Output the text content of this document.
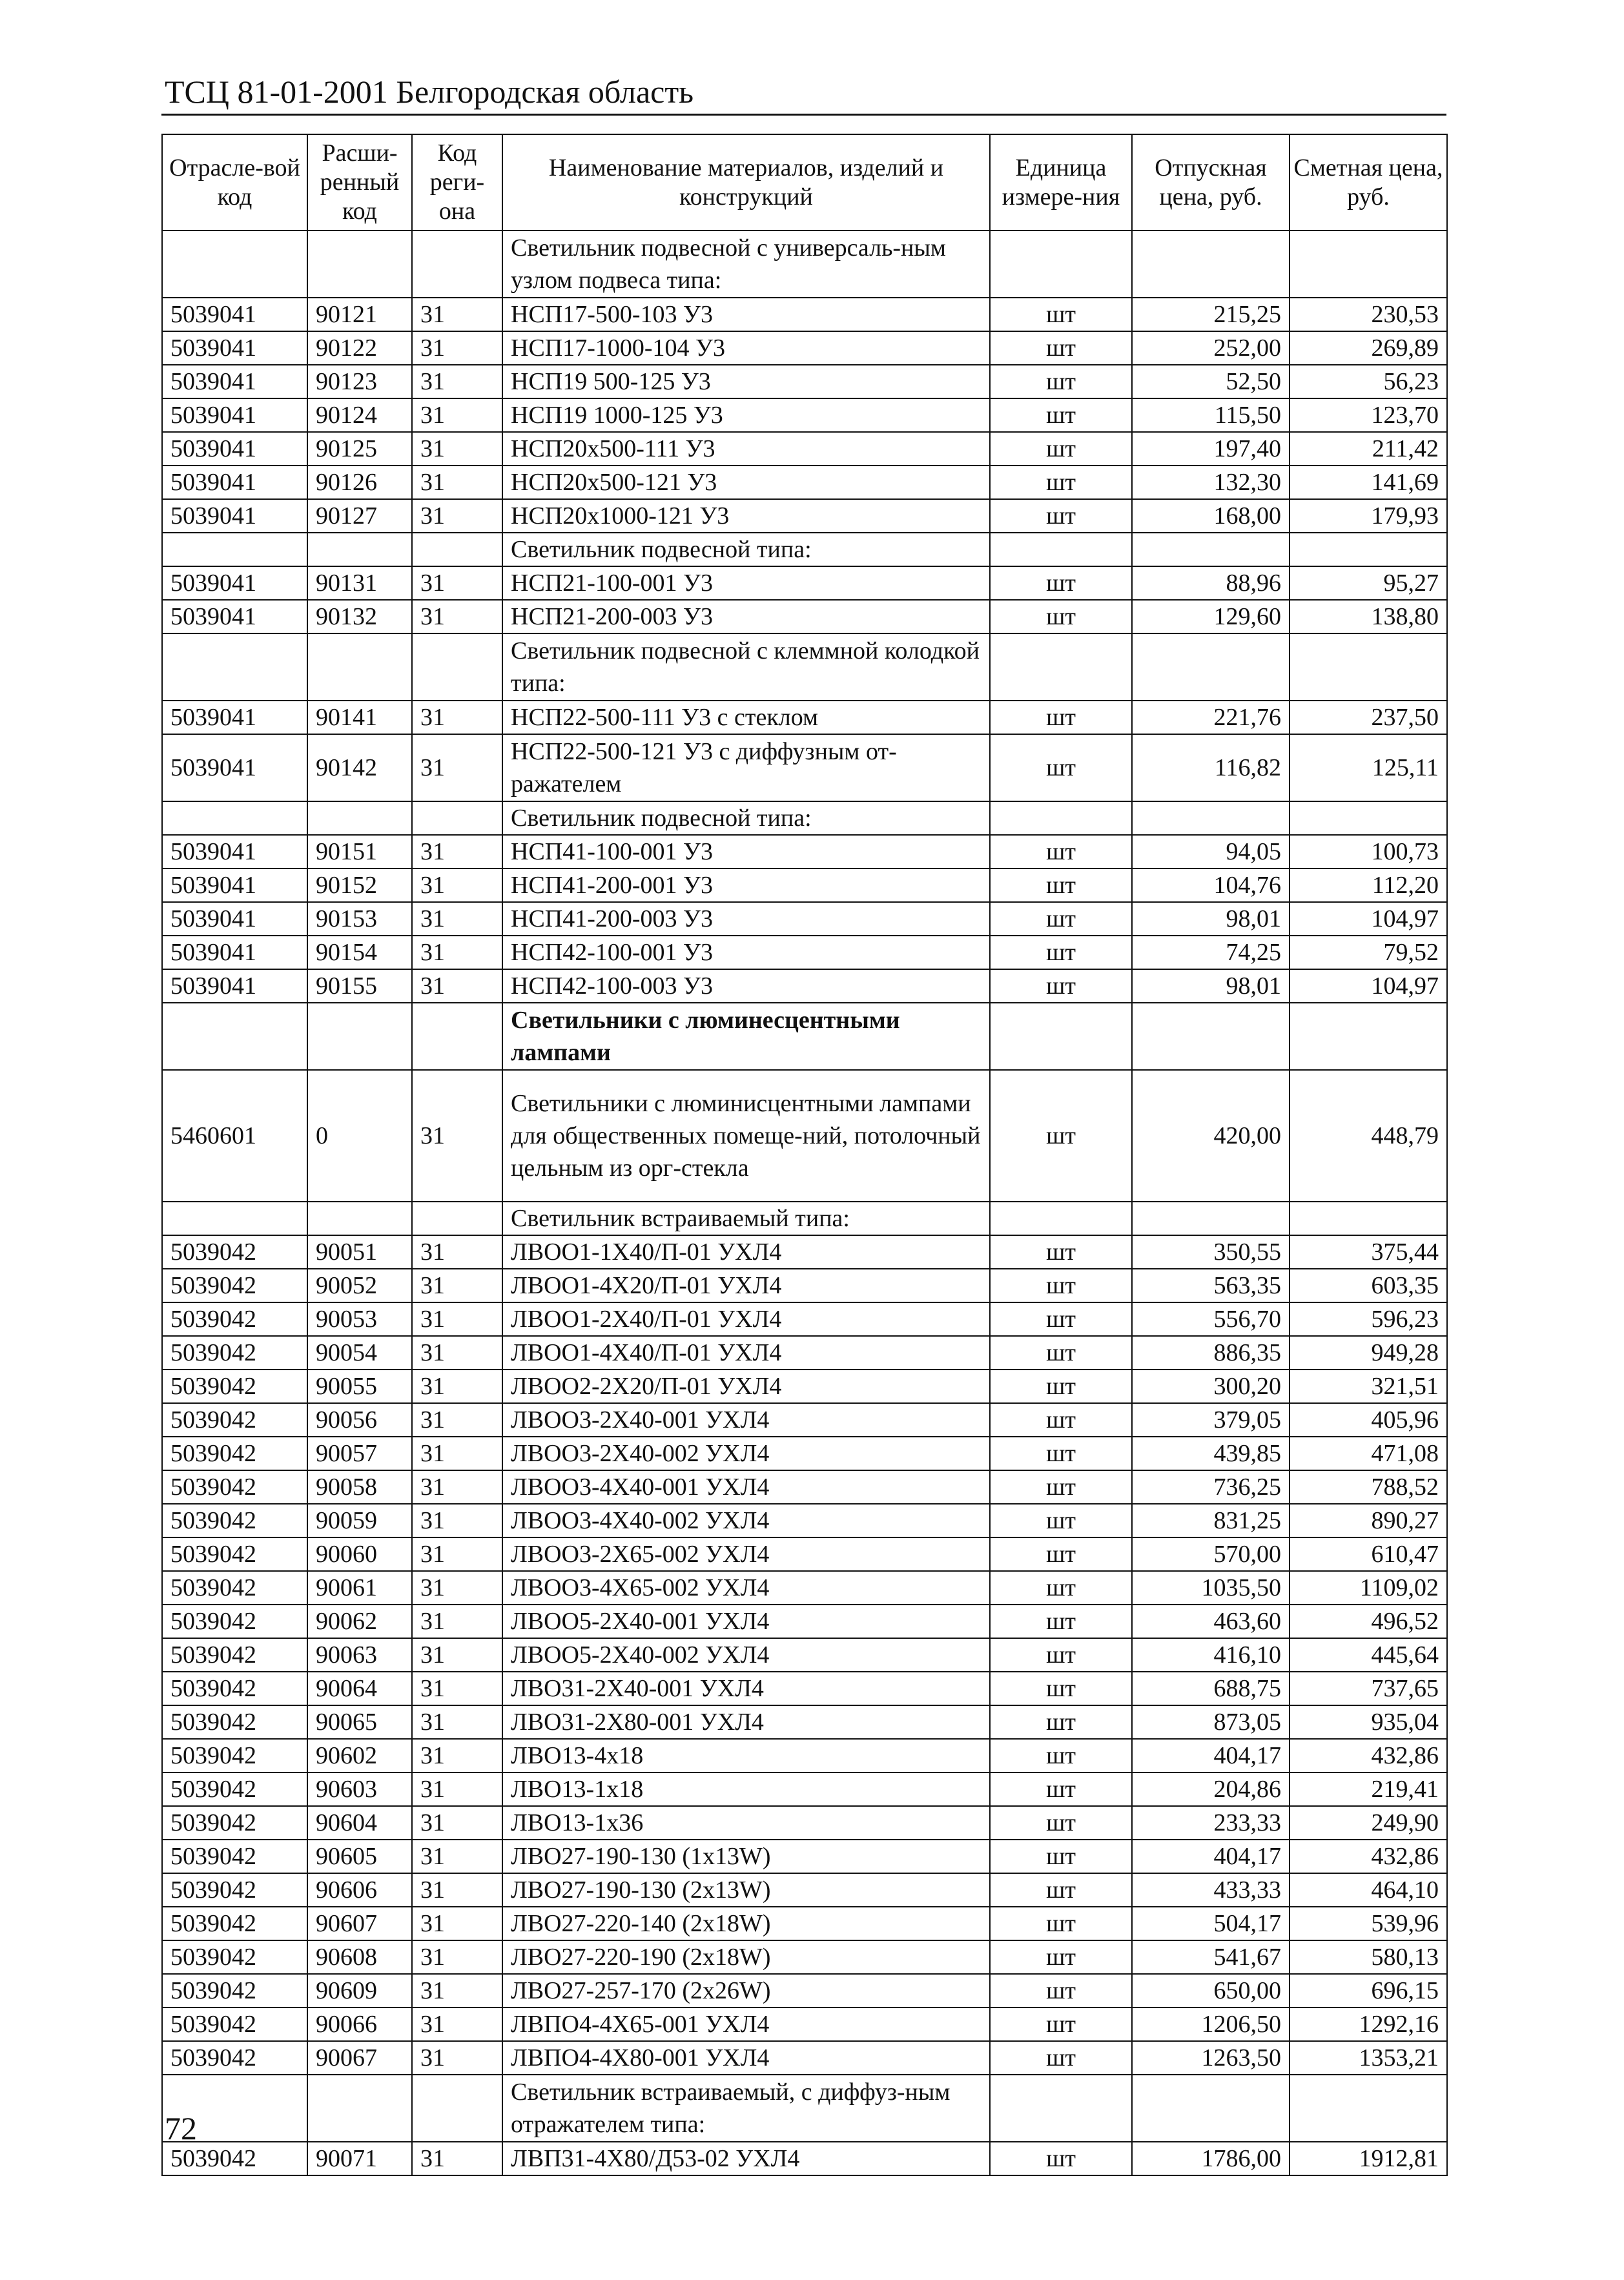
ТСЦ 81-01-2001 Белгородская область
Отрасле-вой код	Расши-ренный код	Код реги-она	Наименование материалов, изделий и конструкций	Единица измере-ния	Отпускная цена, руб.	Сметная цена, руб.
			Светильник подвесной с универсаль-ным узлом подвеса типа:			
5039041	90121	31	НСП17-500-103 У3	шт	215,25	230,53
5039041	90122	31	НСП17-1000-104 У3	шт	252,00	269,89
5039041	90123	31	НСП19 500-125 У3	шт	52,50	56,23
5039041	90124	31	НСП19 1000-125 У3	шт	115,50	123,70
5039041	90125	31	НСП20х500-111 У3	шт	197,40	211,42
5039041	90126	31	НСП20х500-121 У3	шт	132,30	141,69
5039041	90127	31	НСП20х1000-121 У3	шт	168,00	179,93
			Светильник подвесной типа:			
5039041	90131	31	НСП21-100-001 У3	шт	88,96	95,27
5039041	90132	31	НСП21-200-003 У3	шт	129,60	138,80
			Светильник подвесной с клеммной колодкой типа:			
5039041	90141	31	НСП22-500-111 У3 с стеклом	шт	221,76	237,50
5039041	90142	31	НСП22-500-121 У3 с диффузным от-ражателем	шт	116,82	125,11
			Светильник подвесной типа:			
5039041	90151	31	НСП41-100-001 У3	шт	94,05	100,73
5039041	90152	31	НСП41-200-001 У3	шт	104,76	112,20
5039041	90153	31	НСП41-200-003 У3	шт	98,01	104,97
5039041	90154	31	НСП42-100-001 У3	шт	74,25	79,52
5039041	90155	31	НСП42-100-003 У3	шт	98,01	104,97
			Светильники с люминесцентными лампами			
5460601	0	31	Светильники с люминисцентными лампами для общественных помеще-ний, потолочный цельным из орг-стекла	шт	420,00	448,79
			Светильник встраиваемый типа:			
5039042	90051	31	ЛВОО1-1Х40/П-01 УХЛ4	шт	350,55	375,44
5039042	90052	31	ЛВОО1-4Х20/П-01 УХЛ4	шт	563,35	603,35
5039042	90053	31	ЛВОО1-2Х40/П-01 УХЛ4	шт	556,70	596,23
5039042	90054	31	ЛВОО1-4Х40/П-01 УХЛ4	шт	886,35	949,28
5039042	90055	31	ЛВОО2-2Х20/П-01 УХЛ4	шт	300,20	321,51
5039042	90056	31	ЛВОО3-2Х40-001 УХЛ4	шт	379,05	405,96
5039042	90057	31	ЛВОО3-2Х40-002 УХЛ4	шт	439,85	471,08
5039042	90058	31	ЛВОО3-4Х40-001 УХЛ4	шт	736,25	788,52
5039042	90059	31	ЛВОО3-4Х40-002 УХЛ4	шт	831,25	890,27
5039042	90060	31	ЛВОО3-2Х65-002 УХЛ4	шт	570,00	610,47
5039042	90061	31	ЛВОО3-4Х65-002 УХЛ4	шт	1035,50	1109,02
5039042	90062	31	ЛВОО5-2Х40-001 УХЛ4	шт	463,60	496,52
5039042	90063	31	ЛВОО5-2Х40-002 УХЛ4	шт	416,10	445,64
5039042	90064	31	ЛВО31-2Х40-001 УХЛ4	шт	688,75	737,65
5039042	90065	31	ЛВО31-2Х80-001 УХЛ4	шт	873,05	935,04
5039042	90602	31	ЛВО13-4х18	шт	404,17	432,86
5039042	90603	31	ЛВО13-1х18	шт	204,86	219,41
5039042	90604	31	ЛВО13-1х36	шт	233,33	249,90
5039042	90605	31	ЛВО27-190-130 (1х13W)	шт	404,17	432,86
5039042	90606	31	ЛВО27-190-130 (2х13W)	шт	433,33	464,10
5039042	90607	31	ЛВО27-220-140 (2х18W)	шт	504,17	539,96
5039042	90608	31	ЛВО27-220-190 (2х18W)	шт	541,67	580,13
5039042	90609	31	ЛВО27-257-170 (2х26W)	шт	650,00	696,15
5039042	90066	31	ЛВПО4-4Х65-001 УХЛ4	шт	1206,50	1292,16
5039042	90067	31	ЛВПО4-4Х80-001 УХЛ4	шт	1263,50	1353,21
			Светильник встраиваемый, с диффуз-ным отражателем типа:			
5039042	90071	31	ЛВП31-4Х80/Д53-02 УХЛ4	шт	1786,00	1912,81
72
